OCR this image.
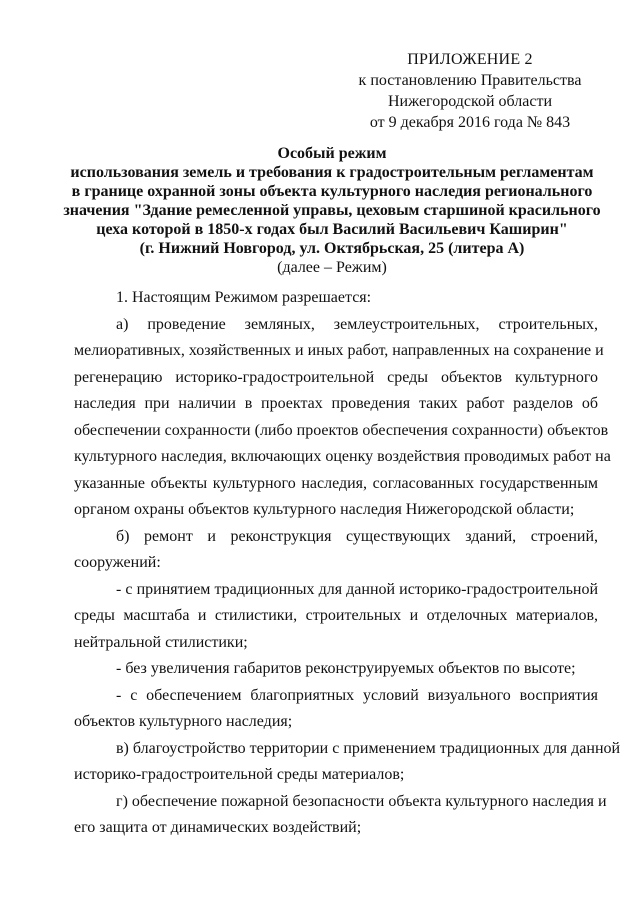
ПРИЛОЖЕНИЕ 2
к постановлению Правительства
Нижегородской области
от 9 декабря 2016 года № 843
Особый режим
использования земель и требования к градостроительным регламентам
в границе охранной зоны объекта культурного наследия регионального
значения "Здание ремесленной управы, цеховым старшиной красильного
цеха которой в 1850-х годах был Василий Васильевич Каширин"
(г. Нижний Новгород, ул. Октябрьская, 25 (литера А)
(далее – Режим)
1. Настоящим Режимом разрешается:
а) проведение земляных, землеустроительных, строительных,
мелиоративных, хозяйственных и иных работ, направленных на сохранение и
регенерацию историко-градостроительной среды объектов культурного
наследия при наличии в проектах проведения таких работ разделов об
обеспечении сохранности (либо проектов обеспечения сохранности) объектов
культурного наследия, включающих оценку воздействия проводимых работ на
указанные объекты культурного наследия, согласованных государственным
органом охраны объектов культурного наследия Нижегородской области;
б) ремонт и реконструкция существующих зданий, строений,
сооружений:
- с принятием традиционных для данной историко-градостроительной
среды масштаба и стилистики, строительных и отделочных материалов,
нейтральной стилистики;
- без увеличения габаритов реконструируемых объектов по высоте;
- с обеспечением благоприятных условий визуального восприятия
объектов культурного наследия;
в) благоустройство территории с применением традиционных для данной
историко-градостроительной среды материалов;
г) обеспечение пожарной безопасности объекта культурного наследия и
его защита от динамических воздействий;
